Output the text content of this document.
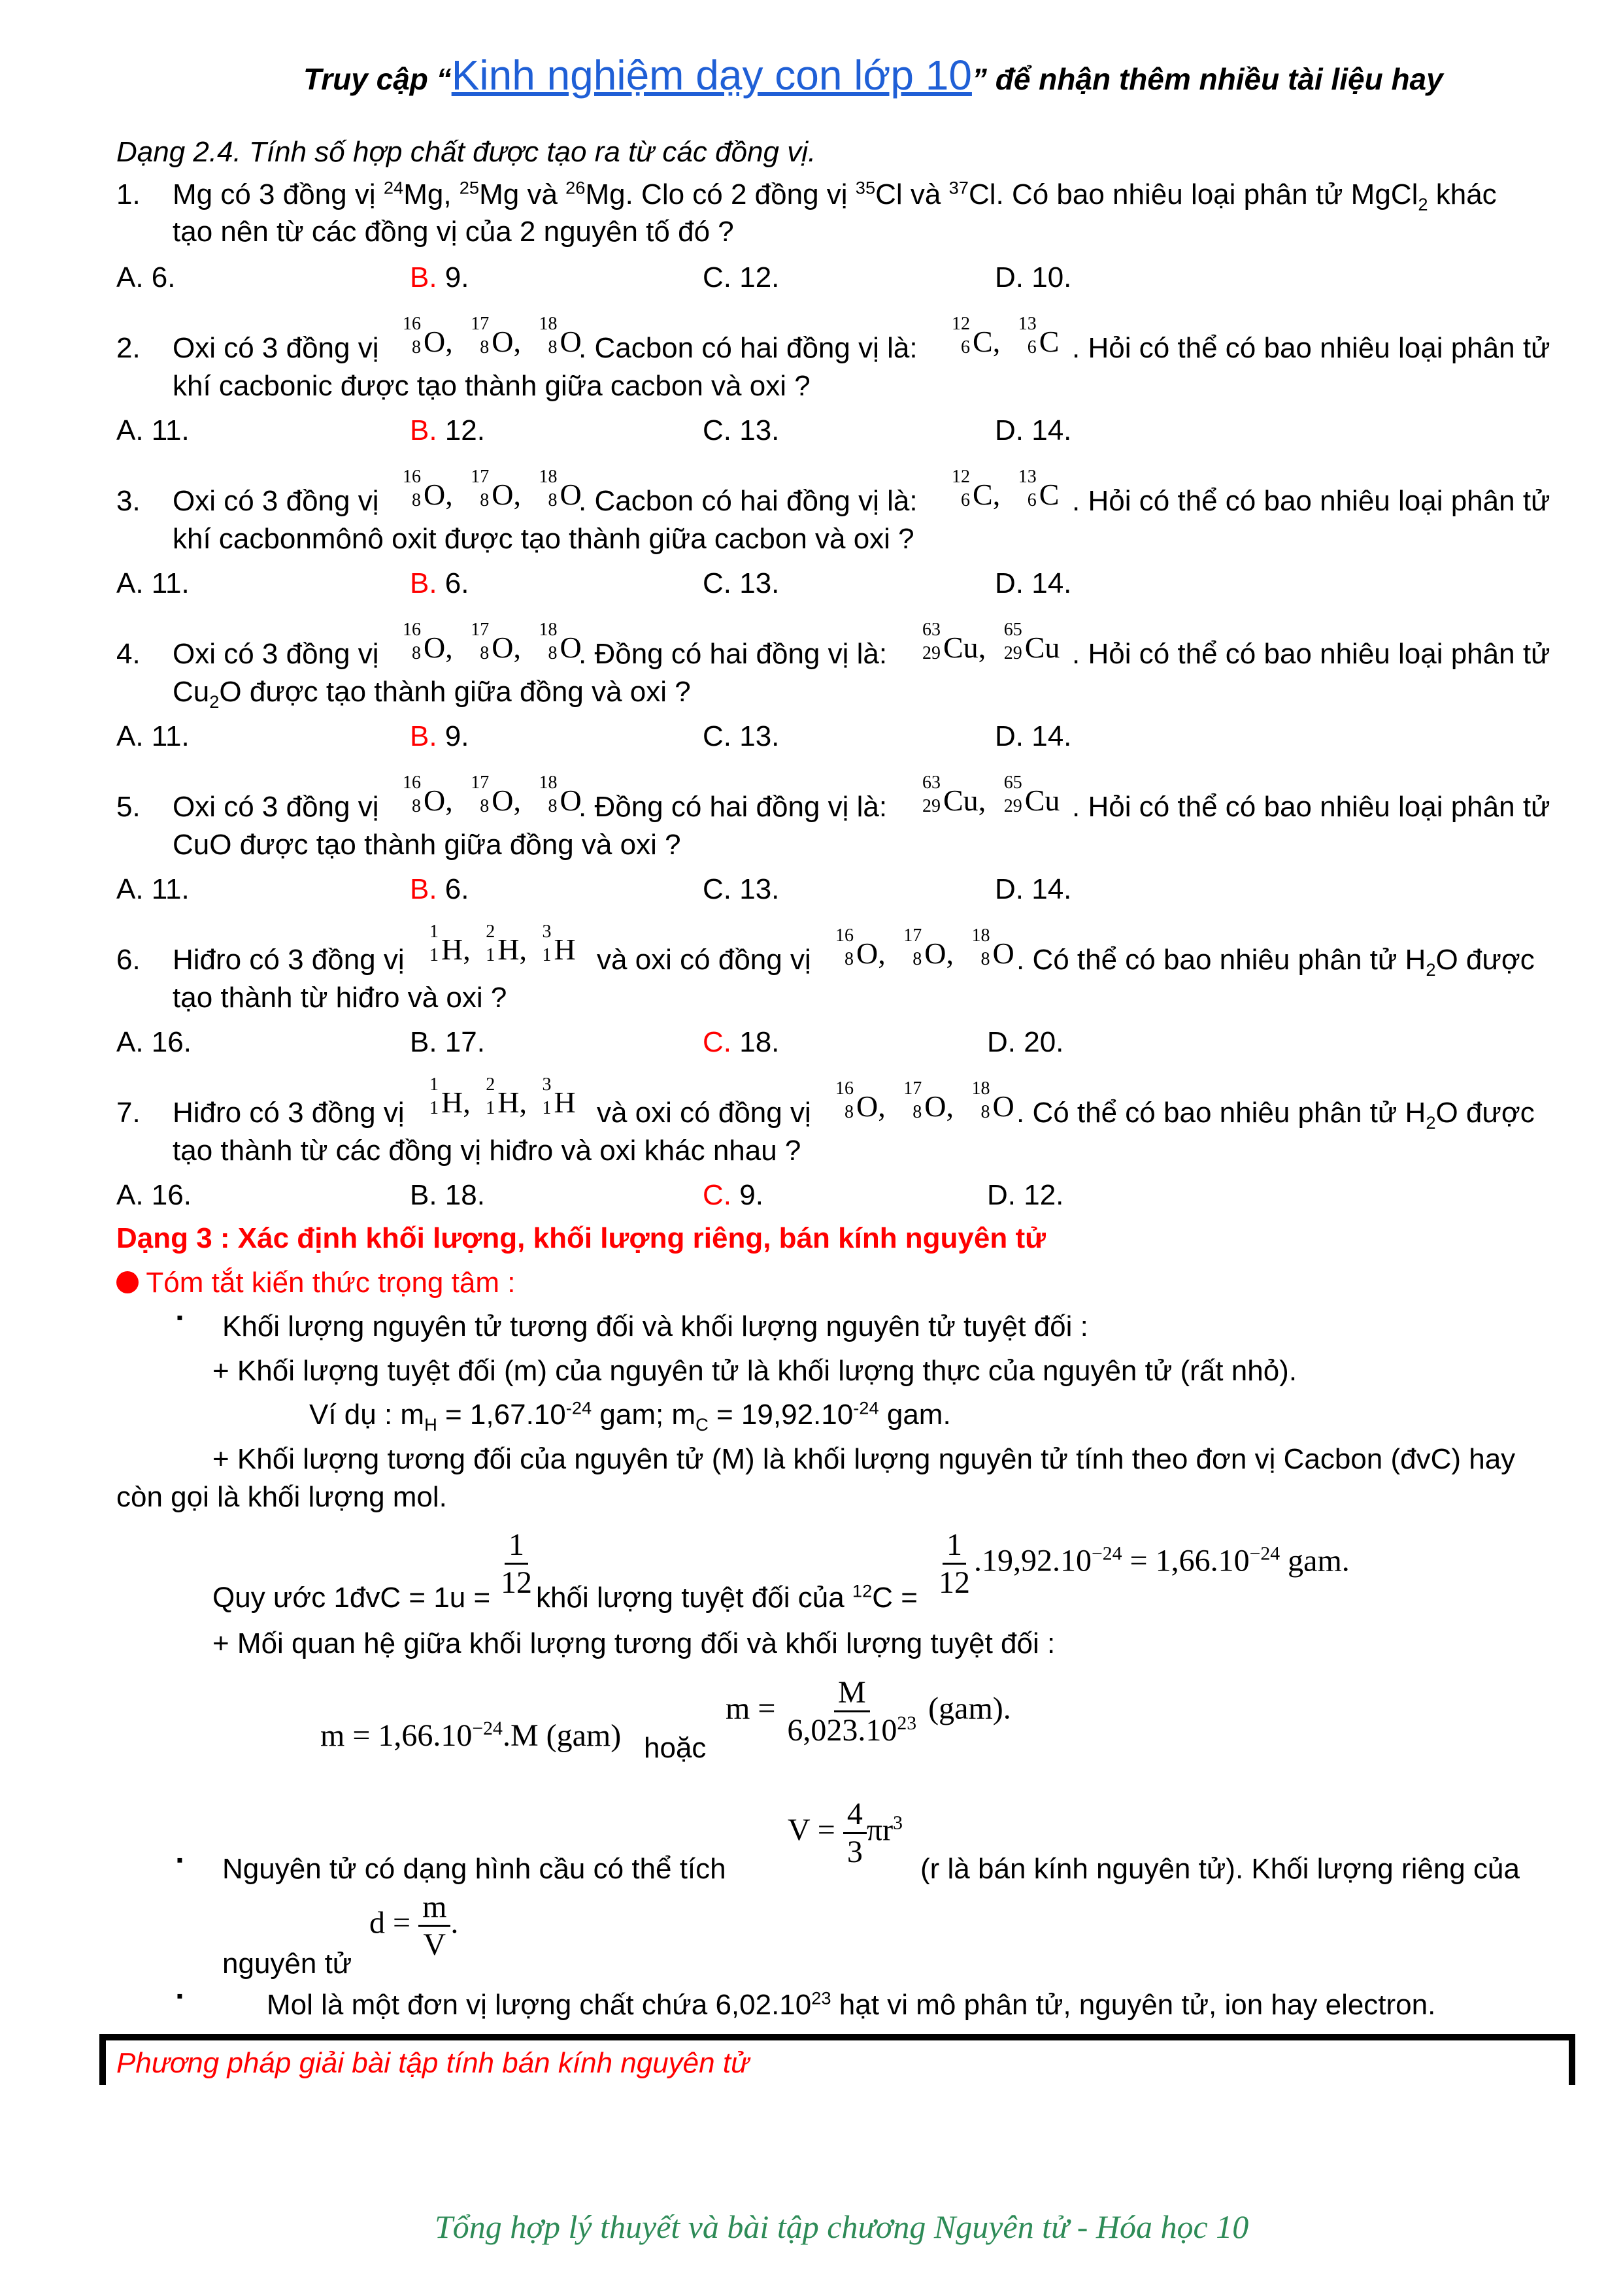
Truy cập “Kinh nghiệm dạy con lớp 10” để nhận thêm nhiều tài liệu hay
Dạng 2.4. Tính số hợp chất được tạo ra từ các đồng vị.
1. Mg có 3 đồng vị $^{24}$Mg, $^{25}$Mg và $^{26}$Mg. Clo có 2 đồng vị $^{35}$Cl và $^{37}$Cl. Có bao nhiêu loại phân tử MgCl$_2$ khác
tạo nên từ các đồng vị của 2 nguyên tố đó ?
A. 6.	B. 9.	C. 12.	D. 10.
2. Oxi có 3 đồng vị
16
8 O,
17
8 O,
18
8 O
. Cacbon có hai đồng vị là:
12
6 C,
13
6 C . Hỏi có thể có bao nhiêu loại phân tử
khí cacbonic được tạo thành giữa cacbon và oxi ?
A. 11.	B. 12.	C. 13.	D. 14.
3. Oxi có 3 đồng vị
16
8 O,
17
8 O,
18
8 O
. Cacbon có hai đồng vị là:
12
6 C,
13
6 C . Hỏi có thể có bao nhiêu loại phân tử
khí cacbonmônô oxit được tạo thành giữa cacbon và oxi ?
A. 11.	B. 6.	C. 13.	D. 14.
4. Oxi có 3 đồng vị
16
8 O,
17
8 O,
18
8 O
. Đồng có hai đồng vị là:
63
29 Cu,
65
29 Cu . Hỏi có thể có bao nhiêu loại phân tử
$Cu_2O$ được tạo thành giữa đồng và oxi ?
A. 11.	B. 9.	C. 13.	D. 14.
5. Oxi có 3 đồng vị
16
8 O,
17
8 O,
18
8 O
. Đồng có hai đồng vị là:
63
29 Cu,
65
29 Cu . Hỏi có thể có bao nhiêu loại phân tử
CuO được tạo thành giữa đồng và oxi ?
A. 11.	B. 6.	C. 13.	D. 14.
6. Hiđro có 3 đồng vị
1
1 H,
2
1 H,
3
1 H và oxi có đồng vị
16
8 O,
17
8 O,
18
8 O . Có thể có bao nhiêu phân tử $H_2O$ được
tạo thành từ hiđro và oxi ?
A. 16.	B. 17.	C. 18.	D. 20.
7. Hiđro có 3 đồng vị
1
1 H,
2
1 H,
3
1 H và oxi có đồng vị
16
8 O,
17
8 O,
18
8 O . Có thể có bao nhiêu phân tử $H_2O$ được
tạo thành từ các đồng vị hiđro và oxi khác nhau ?
A. 16.	B. 18.	C. 9.	D. 12.
Dạng 3 : Xác định khối lượng, khối lượng riêng, bán kính nguyên tử
Tóm tắt kiến thức trọng tâm :
▪ Khối lượng nguyên tử tương đối và khối lượng nguyên tử tuyệt đối :
+ Khối lượng tuyệt đối (m) của nguyên tử là khối lượng thực của nguyên tử (rất nhỏ).
Ví dụ : $m_H = 1,67.10^{-24}$ gam; $m_C = 19,92.10^{-24}$ gam.
+ Khối lượng tương đối của nguyên tử (M) là khối lượng nguyên tử tính theo đơn vị Cacbon (đvC) hay
còn gọi là khối lượng mol.
Quy ước 1đvC = $1u = \frac{1}{12}$ khối lượng tuyệt đối của $^{12}C = \frac{1}{12} .19,92.10^{-24} = 1,66.10^{-24}$ gam.
+ Mối quan hệ giữa khối lượng tương đối và khối lượng tuyệt đối :
$m = 1,66.10^{-24}.M$ (gam) hoặc
$m = \frac{M}{6,023.10^{23}} (gam)$.
▪ Nguyên tử có dạng hình cầu có thể tích
$V = \frac{4}{3} \pi r^3$
(r là bán kính nguyên tử). Khối lượng riêng của
nguyên tử
$d = \frac{m}{V}$ .
▪	Mol là một đơn vị lượng chất chứa 6,02.10$^{23}$ hạt vi mô phân tử, nguyên tử, ion hay electron.
Phương pháp giải bài tập tính bán kính nguyên tử
Tổng hợp lý thuyết và bài tập chương Nguyên tử - Hóa học 10
